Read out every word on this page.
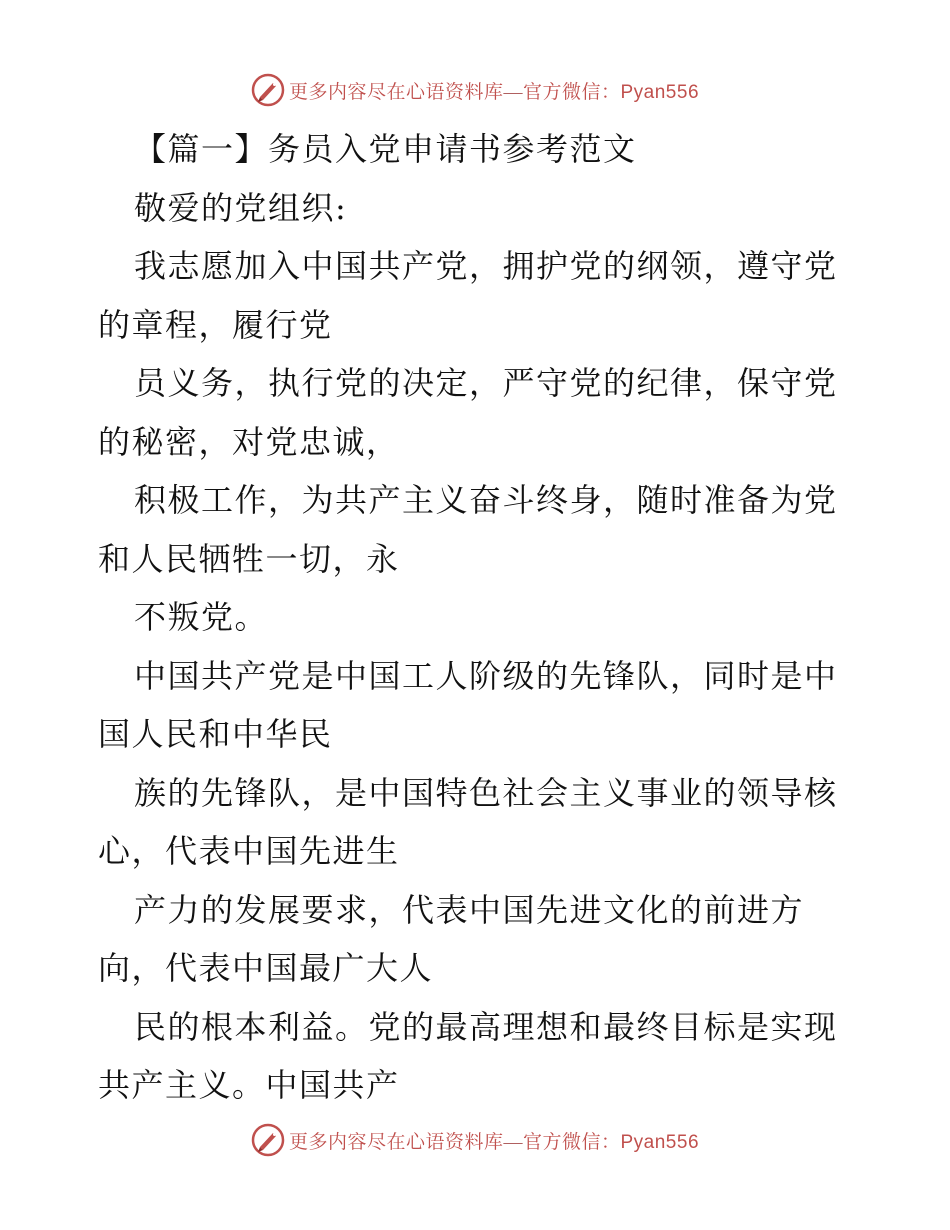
更多内容尽在心语资料库—官方微信：Pyan556
【篇一】务员入党申请书参考范文
敬爱的党组织:
我志愿加入中国共产党，拥护党的纲领，遵守党
的章程，履行党
员义务，执行党的决定，严守党的纪律，保守党
的秘密，对党忠诚，
积极工作，为共产主义奋斗终身，随时准备为党
和人民牺牲一切，永
不叛党。
中国共产党是中国工人阶级的先锋队，同时是中
国人民和中华民
族的先锋队，是中国特色社会主义事业的领导核
心，代表中国先进生
产力的发展要求，代表中国先进文化的前进方
向，代表中国最广大人
民的根本利益。党的最高理想和最终目标是实现
共产主义。中国共产
更多内容尽在心语资料库—官方微信：Pyan556
